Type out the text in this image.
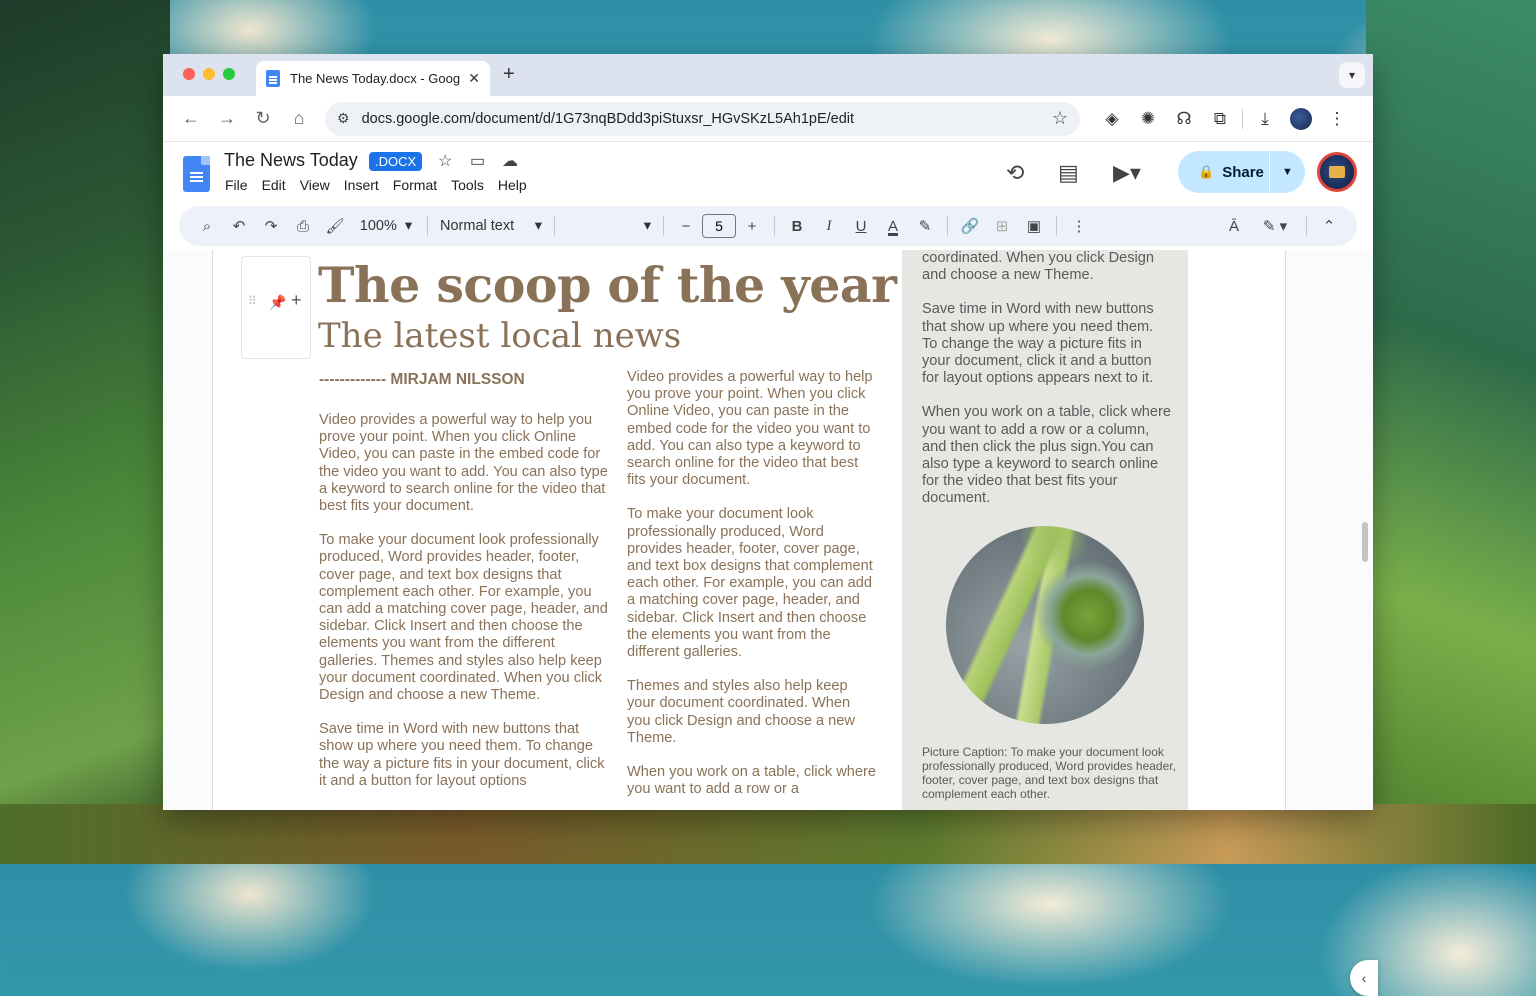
The News Today.docx - Goog ✕ +	▾
←	→	↻	⌂	⚙ docs.google.com/document/d/1G73nqBDdd3piStuxsr_HGvSKzL5Ah1pE/edit	☆	◈	✺	☊	⧉	⤓	⋮
The News Today	.DOCX	☆ ▭ ☁
File	Edit	View	Insert	Format	Tools	Help	⟲ ▤ ▶▾	🔒 Share	▼
⌕	↶	↷	⎙	🖌	100% ▾	Normal text ▾	▾	−	5	+	B	I	U	A	✎	🔗	⊞	▣	⋮	Ā	✎ ▾	⌃
⠿ 📌 + The scoop of the year
The latest local news
------------- MIRJAM NILSSON

Video provides a powerful way to help you prove your point. When you click Online Video, you can paste in the embed code for the video you want to add. You can also type a keyword to search online for the video that best fits your document.

To make your document look professionally produced, Word provides header, footer, cover page, and text box designs that complement each other. For example, you can add a matching cover page, header, and sidebar. Click Insert and then choose the elements you want from the different galleries. Themes and styles also help keep your document coordinated. When you click Design and choose a new Theme.

Save time in Word with new buttons that show up where you need them. To change the way a picture fits in your document, click it and a button for layout options

Video provides a powerful way to help you prove your point. When you click Online Video, you can paste in the embed code for the video you want to add. You can also type a keyword to search online for the video that best fits your document.

To make your document look professionally produced, Word provides header, footer, cover page, and text box designs that complement each other. For example, you can add a matching cover page, header, and sidebar. Click Insert and then choose the elements you want from the different galleries.

Themes and styles also help keep your document coordinated. When you click Design and choose a new Theme.

When you work on a table, click where you want to add a row or a

coordinated. When you click Design and choose a new Theme.

Save time in Word with new buttons that show up where you need them. To change the way a picture fits in your document, click it and a button for layout options appears next to it.

When you work on a table, click where you want to add a row or a column, and then click the plus sign.You can also type a keyword to search online for the video that best fits your document.

Picture Caption: To make your document look professionally produced, Word provides header, footer, cover page, and text box designs that complement each other.
‹
